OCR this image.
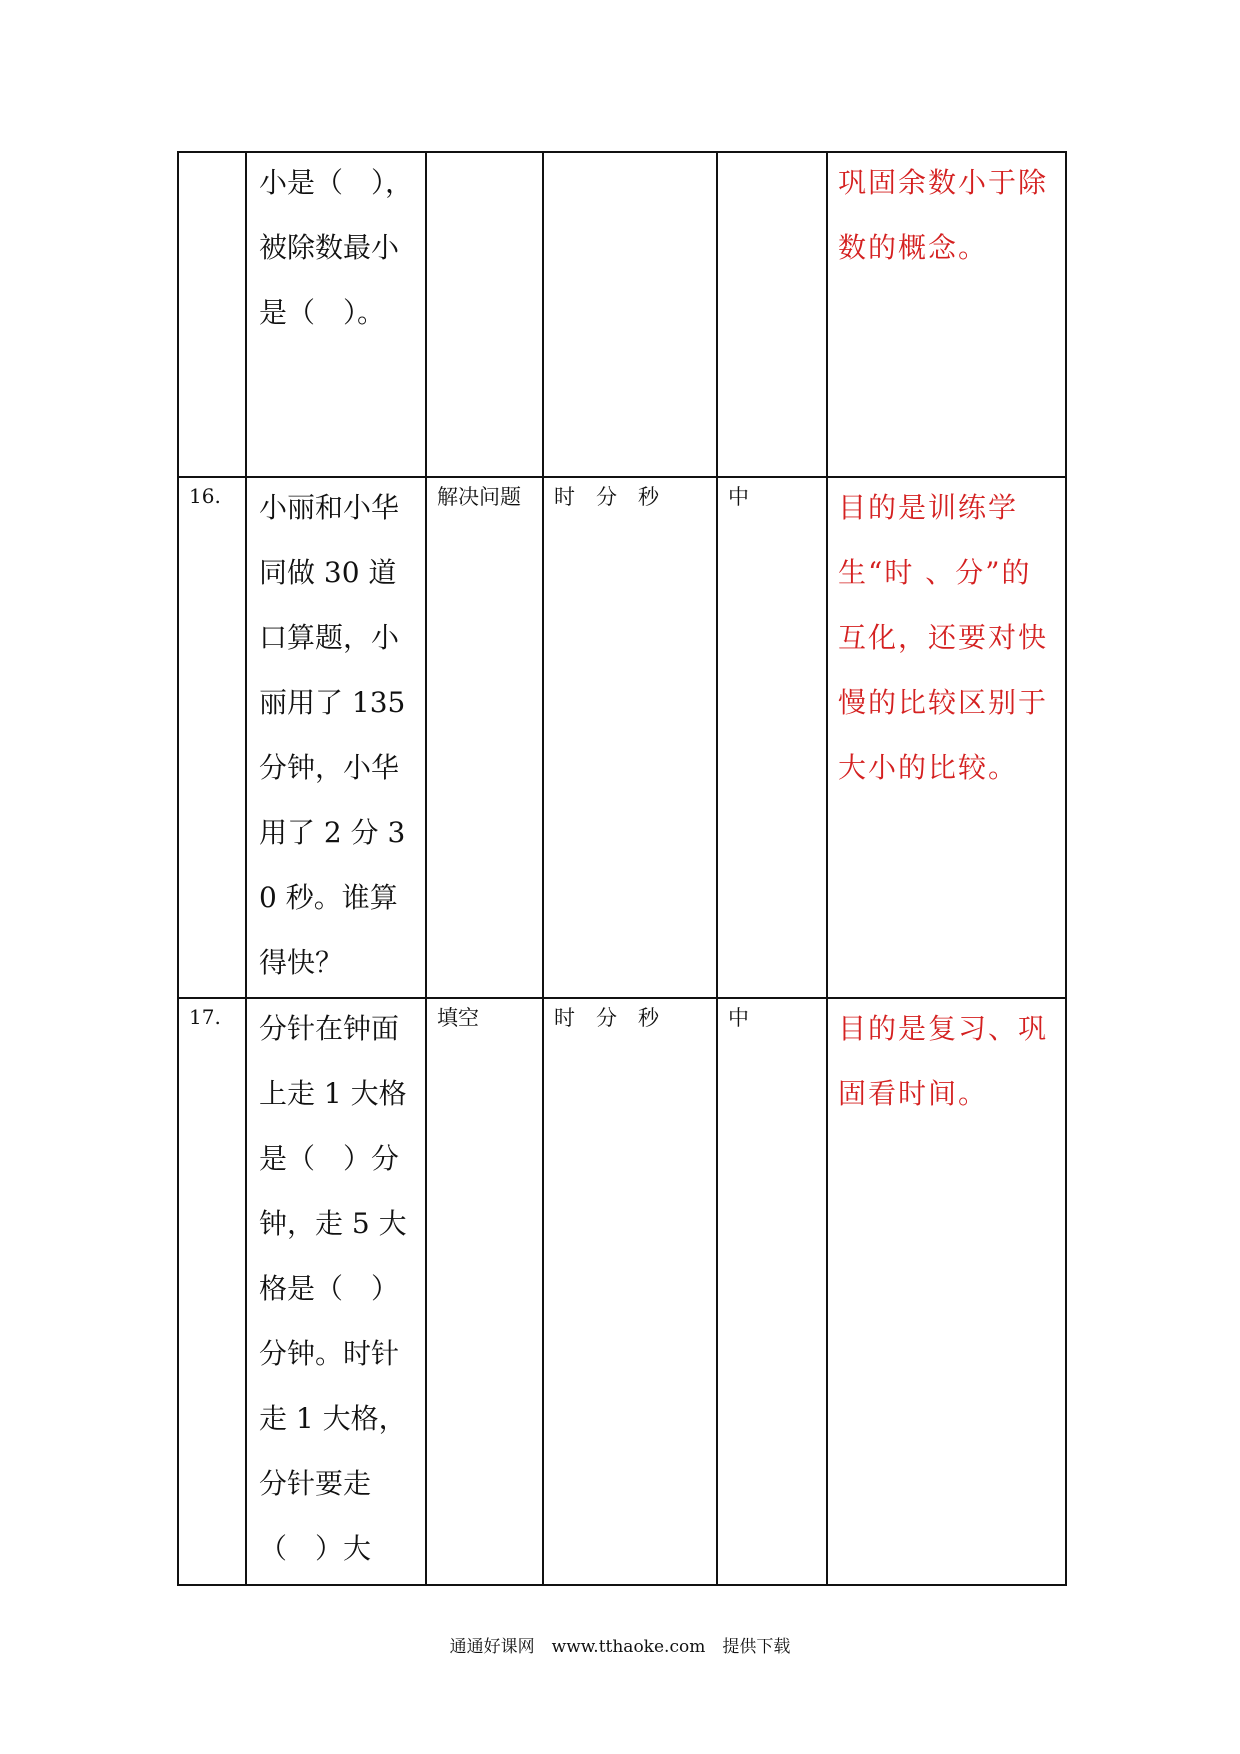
	小是（　），被除数最小是（　）。				巩固余数小于除数的概念。

16.	小丽和小华同做 30 道口算题，小丽用了 135 分钟，小华用了 2 分 30 秒。谁算得快？	解决问题	时　分　秒	中	目的是训练学生“时 、分”的互化，还要对快慢的比较区别于大小的比较。

17.	分针在钟面上走 1 大格是（　）分钟，走 5 大格是（　）分钟。时针走 1 大格，分针要走（　）大	填空	时　分　秒	中	目的是复习、巩固看时间。
通通好课网　www.tthaoke.com　提供下载
